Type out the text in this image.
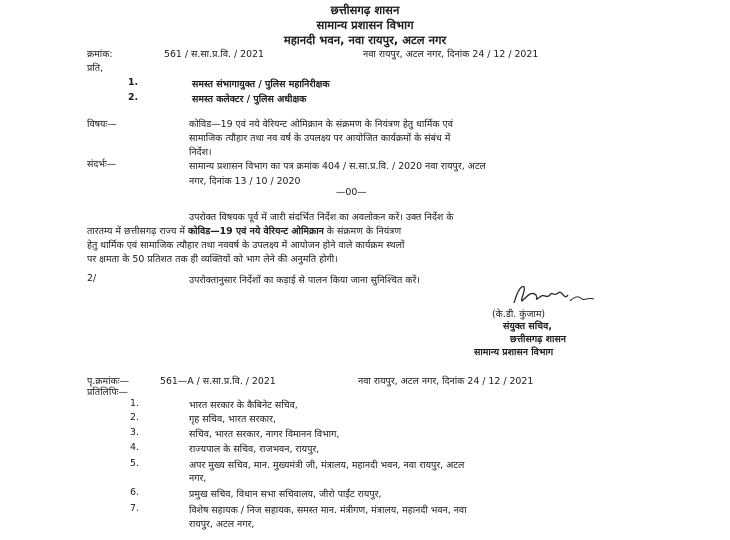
छत्तीसगढ़ शासन
सामान्य प्रशासन विभाग
महानदी भवन, नवा रायपुर, अटल नगर
क्रमांक:	561 / स.सा.प्र.वि. / 2021	नवा रायपुर, अटल नगर, दिनांक 24 / 12 / 2021
प्रति,
1.	समस्त संभागायुक्त / पुलिस महानिरीक्षक
2.	समस्त कलेक्टर / पुलिस अधीक्षक
विषयः—	कोविड—19 एवं नये वेरियन्ट ओमिक्रान के संक्रमण के नियंत्रण हेतु धार्मिक एवं
सामाजिक त्यौहार तथा नव वर्ष के उपलक्ष्य पर आयोजित कार्यक्रमों के संबंध में
निर्देश।
संदर्भः—	सामान्य प्रशासन विभाग का पत्र क्रमांक 404 / स.सा.प्र.वि. / 2020 नवा रायपुर, अटल
नगर, दिनांक 13 / 10 / 2020
—00—
उपरोक्त विषयक पूर्व में जारी संदर्भित निर्देश का अवलोकन करें। उक्त निर्देश के
तारतम्य में छत्तीसगढ़ राज्य में कोविड—19 एवं नये वेरियन्ट ओमिक्रान के संक्रमण के नियंत्रण
हेतु धार्मिक एवं सामाजिक त्यौहार तथा नववर्ष के उपलक्ष्य में आयोजन होने वाले कार्यक्रम स्थलों
पर क्षमता के 50 प्रतिशत तक ही व्यक्तियों को भाग लेने की अनुमति होगी।
2/	उपरोक्तानुसार निर्देशों का कड़ाई से पालन किया जाना सुनिश्चित करें।
(के.डी. कुंजाम)
संयुक्त सचिव,
छत्तीसगढ़ शासन
सामान्य प्रशासन विभाग
पृ.क्रमांकः—	561—A / स.सा.प्र.वि. / 2021	नवा रायपुर, अटल नगर, दिनांक 24 / 12 / 2021
प्रतिलिपिः—
1.	भारत सरकार के कैबिनेट सचिव,
2.	गृह सचिव, भारत सरकार,
3.	सचिव, भारत सरकार, नागर विमानन विभाग,
4.	राज्यपाल के सचिव, राजभवन, रायपुर,
5.	अपर मुख्य सचिव, मान. मुख्यमंत्री जी, मंत्रालय, महानदी भवन, नवा रायपुर, अटल
नगर,
6.	प्रमुख सचिव, विधान सभा सचिवालय, जीरो पाईंट रायपुर,
7.	विशेष सहायक / निज सहायक, समस्त मान. मंत्रीगण, मंत्रालय, महानदी भवन, नवा
रायपुर, अटल नगर,
